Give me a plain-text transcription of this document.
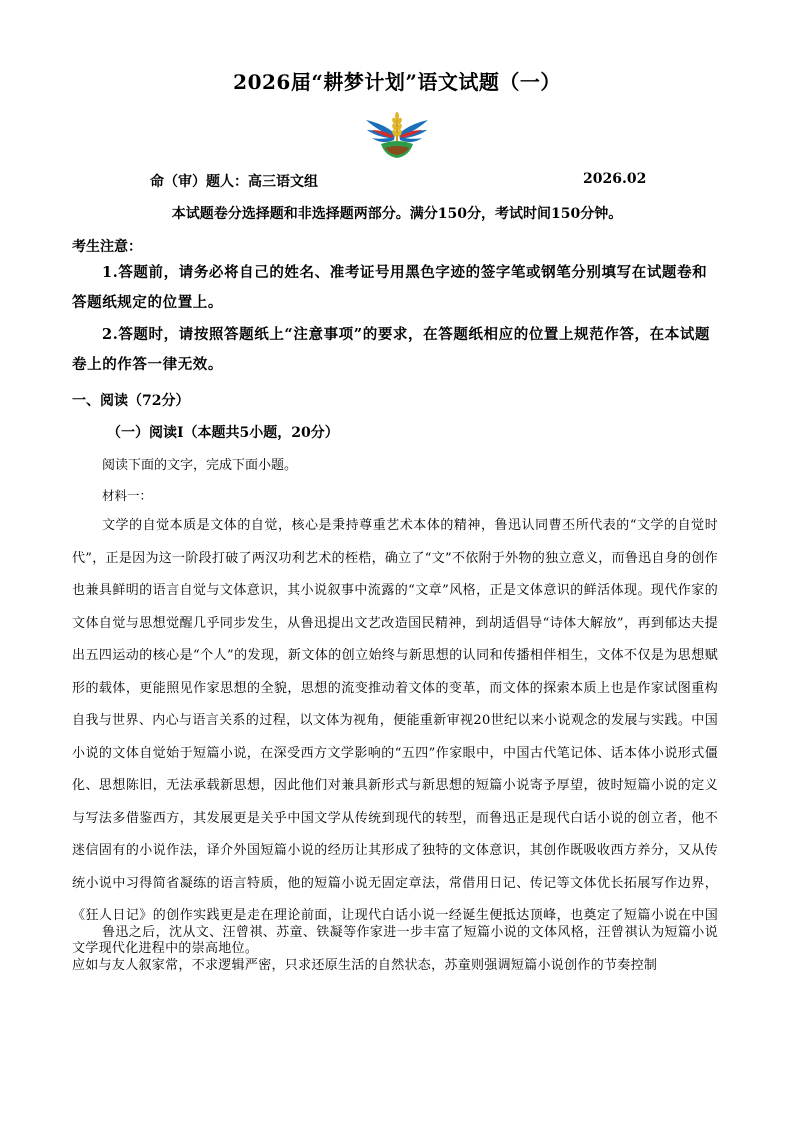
2026届“耕梦计划”语文试题（一）
命（审）题人：高三语文组	2026.02
本试题卷分选择题和非选择题两部分。满分150分，考试时间150分钟。
考生注意：
1.答题前，请务必将自己的姓名、准考证号用黑色字迹的签字笔或钢笔分别填写在试题卷和答题纸规定的位置上。
2.答题时，请按照答题纸上“注意事项”的要求，在答题纸相应的位置上规范作答，在本试题卷上的作答一律无效。
一、阅读（72分）
（一）阅读Ⅰ（本题共5小题，20分）
阅读下面的文字，完成下面小题。
材料一：
文学的自觉本质是文体的自觉，核心是秉持尊重艺术本体的精神，鲁迅认同曹丕所代表的“文学的自觉时代”，正是因为这一阶段打破了两汉功利艺术的桎梏，确立了“文”不依附于外物的独立意义，而鲁迅自身的创作也兼具鲜明的语言自觉与文体意识，其小说叙事中流露的“文章”风格，正是文体意识的鲜活体现。现代作家的文体自觉与思想觉醒几乎同步发生，从鲁迅提出文艺改造国民精神，到胡适倡导“诗体大解放”，再到郁达夫提出五四运动的核心是“个人”的发现，新文体的创立始终与新思想的认同和传播相伴相生，文体不仅是为思想赋形的载体，更能照见作家思想的全貌，思想的流变推动着文体的变革，而文体的探索本质上也是作家试图重构自我与世界、内心与语言关系的过程，以文体为视角，便能重新审视20世纪以来小说观念的发展与实践。中国小说的文体自觉始于短篇小说，在深受西方文学影响的“五四”作家眼中，中国古代笔记体、话本体小说形式僵化、思想陈旧，无法承载新思想，因此他们对兼具新形式与新思想的短篇小说寄予厚望，彼时短篇小说的定义与写法多借鉴西方，其发展更是关乎中国文学从传统到现代的转型，而鲁迅正是现代白话小说的创立者，他不迷信固有的小说作法，译介外国短篇小说的经历让其形成了独特的文体意识，其创作既吸收西方养分，又从传统小说中习得简省凝练的语言特质，他的短篇小说无固定章法，常借用日记、传记等文体优长拓展写作边界，《狂人日记》的创作实践更是走在理论前面，让现代白话小说一经诞生便抵达顶峰，也奠定了短篇小说在中国文学现代化进程中的崇高地位。
鲁迅之后，沈从文、汪曾祺、苏童、铁凝等作家进一步丰富了短篇小说的文体风格，汪曾祺认为短篇小说应如与友人叙家常，不求逻辑严密，只求还原生活的自然状态，苏童则强调短篇小说创作的节奏控制
